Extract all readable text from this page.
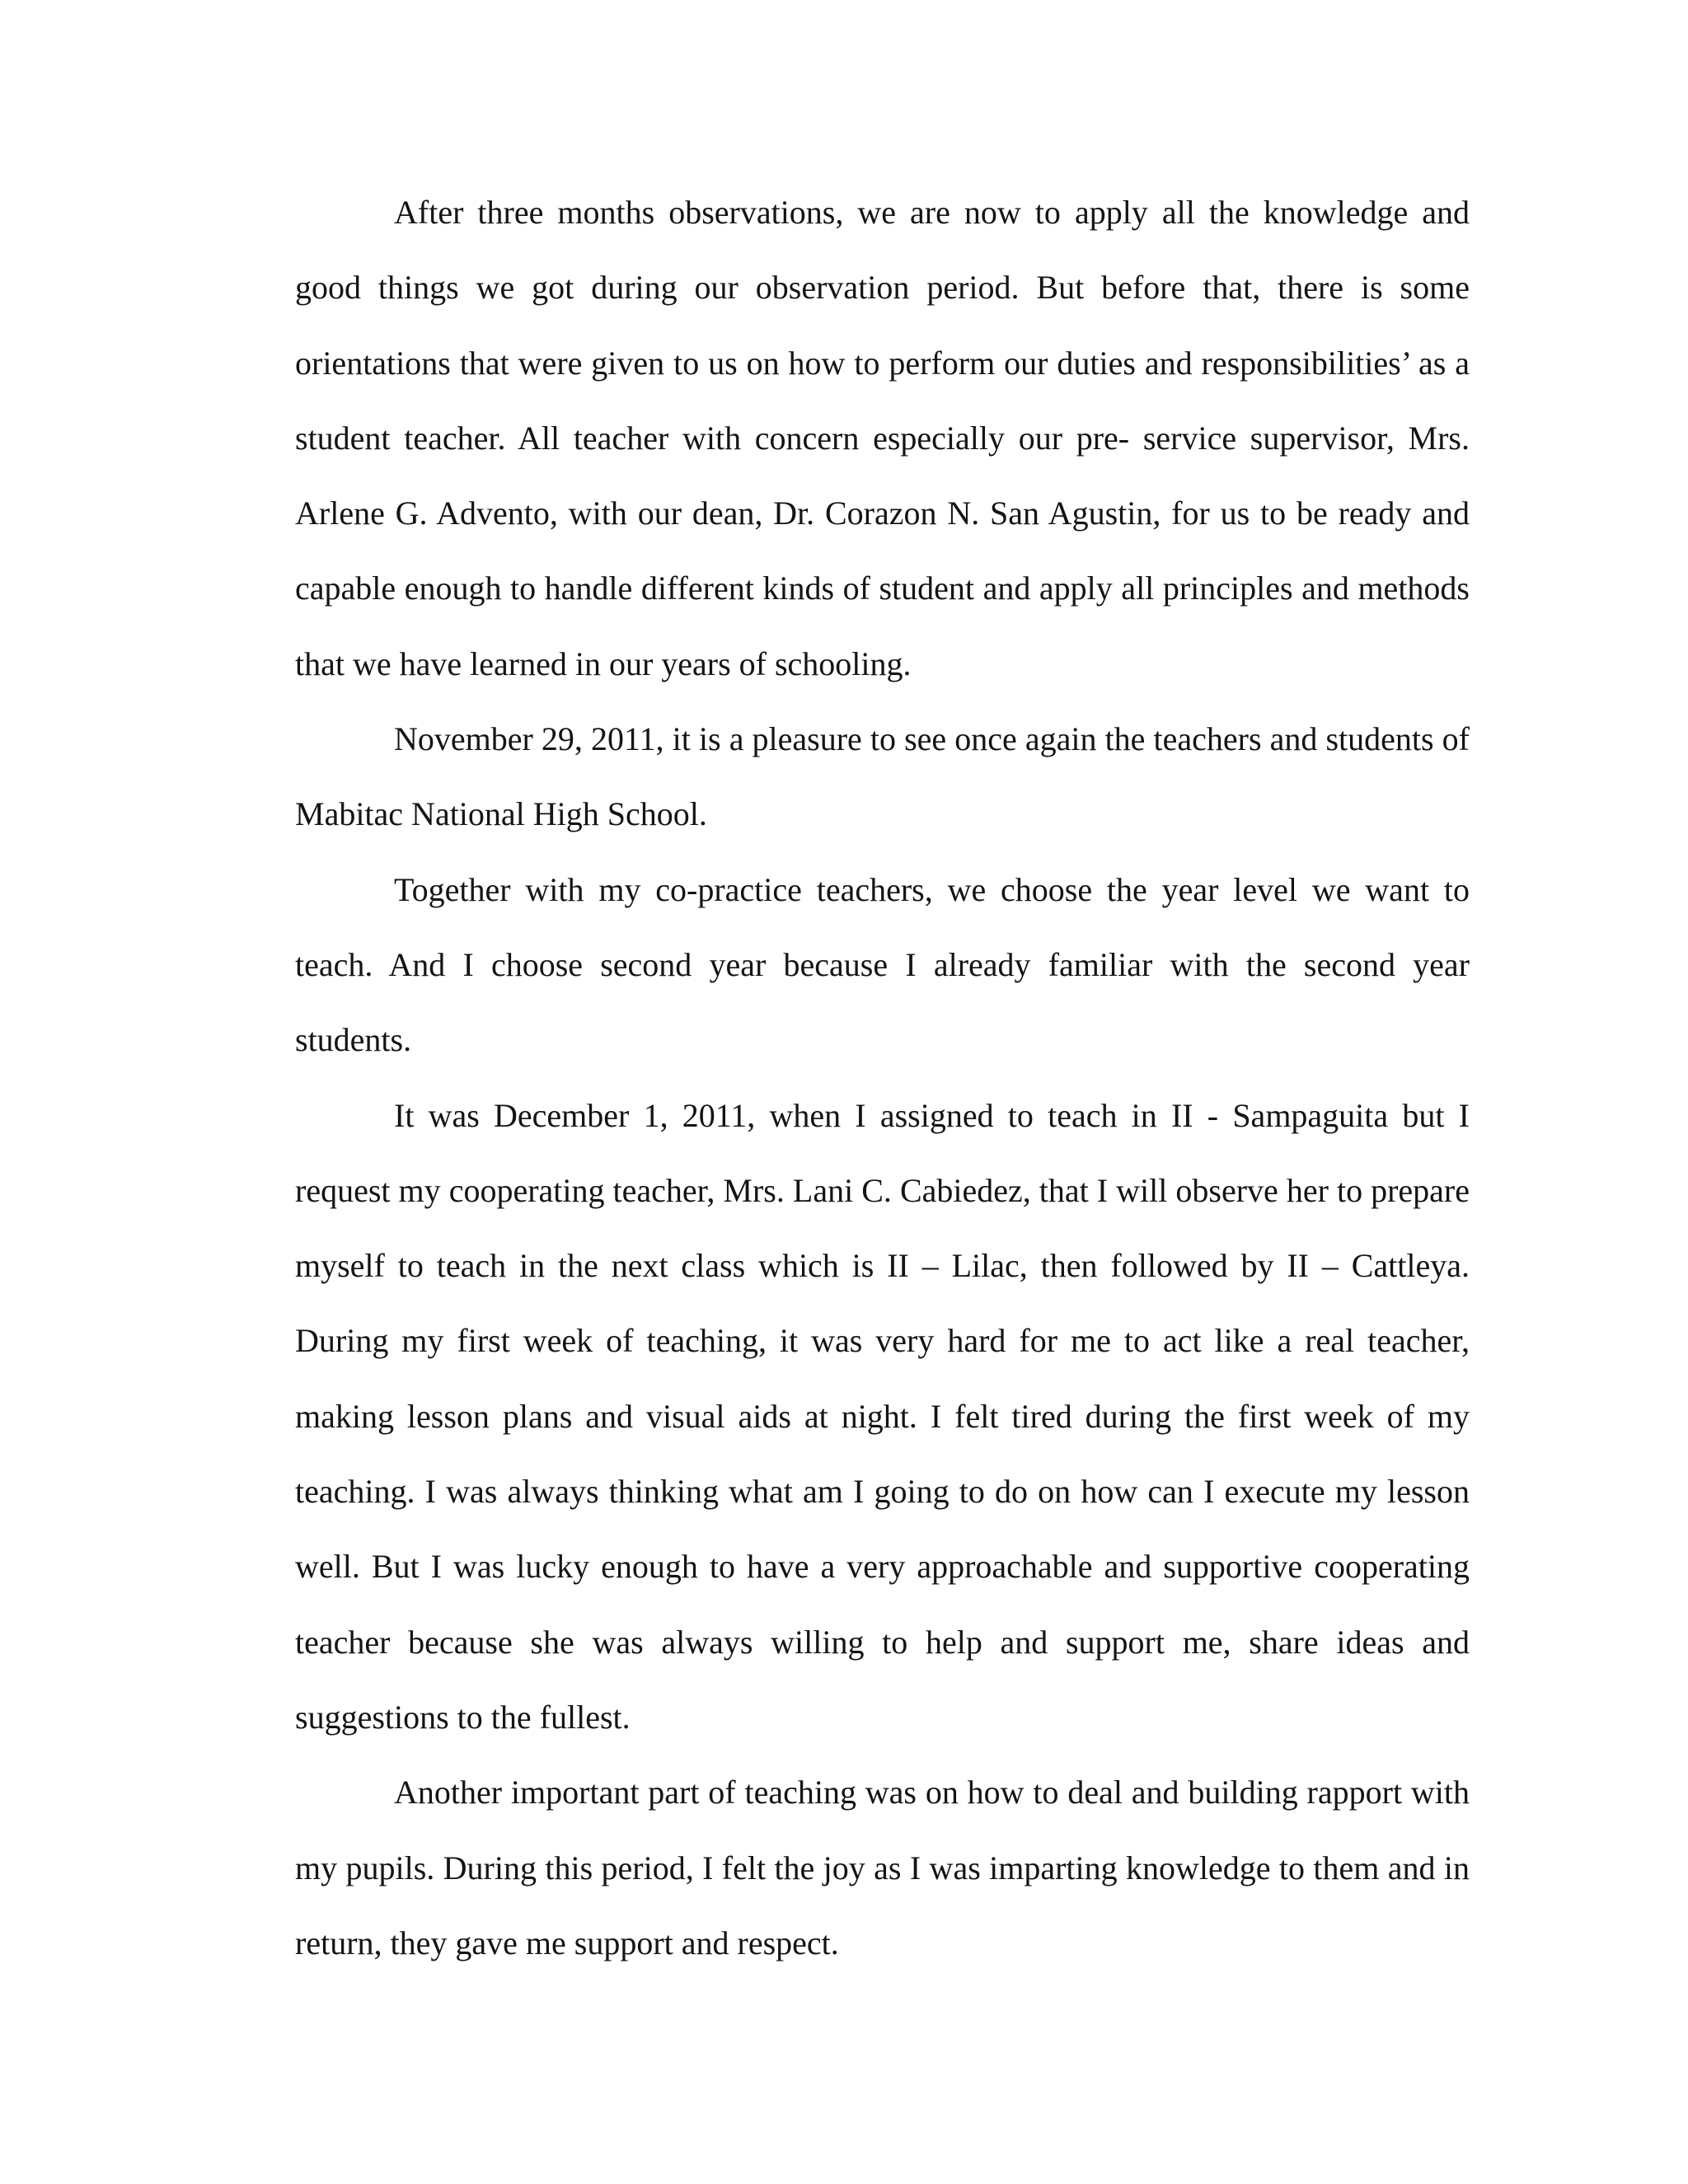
After three months observations, we are now to apply all the knowledge and good things we got during our observation period. But before that, there is some orientations that were given to us on how to perform our duties and responsibilities’ as a student teacher. All teacher with concern especially our pre- service supervisor, Mrs. Arlene G. Advento, with our dean, Dr. Corazon N. San Agustin, for us to be ready and capable enough to handle different kinds of student and apply all principles and methods that we have learned in our years of schooling.

November 29, 2011, it is a pleasure to see once again the teachers and students of Mabitac National High School.

Together with my co-practice teachers, we choose the year level we want to teach. And I choose second year because I already familiar with the second year students.

It was December 1, 2011, when I assigned to teach in II - Sampaguita but I request my cooperating teacher, Mrs. Lani C. Cabiedez, that I will observe her to prepare myself to teach in the next class which is II – Lilac, then followed by II – Cattleya. During my first week of teaching, it was very hard for me to act like a real teacher, making lesson plans and visual aids at night. I felt tired during the first week of my teaching. I was always thinking what am I going to do on how can I execute my lesson well. But I was lucky enough to have a very approachable and supportive cooperating teacher because she was always willing to help and support me, share ideas and suggestions to the fullest.

Another important part of teaching was on how to deal and building rapport with my pupils. During this period, I felt the joy as I was imparting knowledge to them and in return, they gave me support and respect.
